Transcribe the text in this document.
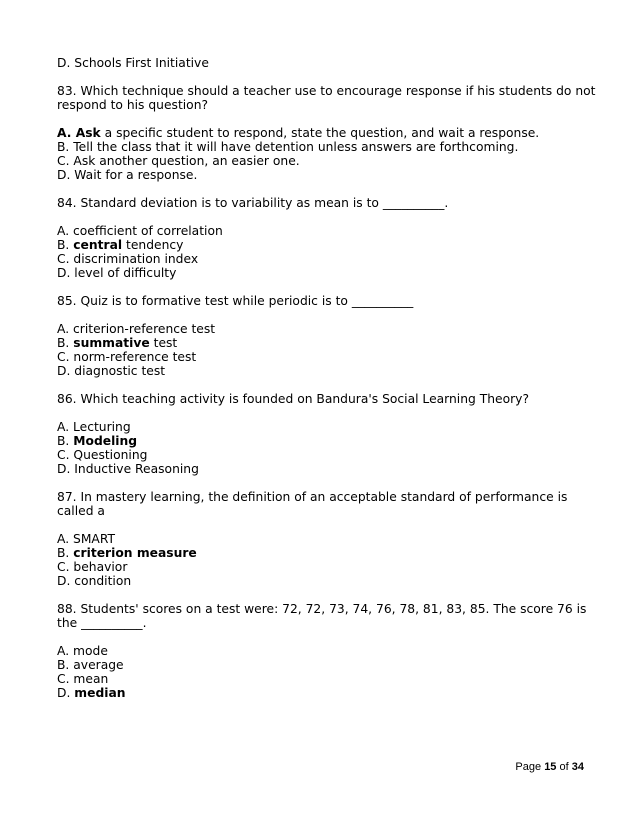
D. Schools First Initiative
83. Which technique should a teacher use to encourage response if his students do not respond to his question?
A. Ask a specific student to respond, state the question, and wait a response.
B. Tell the class that it will have detention unless answers are forthcoming.
C. Ask another question, an easier one.
D. Wait for a response.
84. Standard deviation is to variability as mean is to __________.
A. coefficient of correlation
B. central tendency
C. discrimination index
D. level of difficulty
85. Quiz is to formative test while periodic is to __________
A. criterion-reference test
B. summative test
C. norm-reference test
D. diagnostic test
86. Which teaching activity is founded on Bandura's Social Learning Theory?
A. Lecturing
B. Modeling
C. Questioning
D. Inductive Reasoning
87. In mastery learning, the definition of an acceptable standard of performance is called a
A. SMART
B. criterion measure
C. behavior
D. condition
88. Students' scores on a test were: 72, 72, 73, 74, 76, 78, 81, 83, 85. The score 76 is the __________.
A. mode
B. average
C. mean
D. median
Page 15 of 34
